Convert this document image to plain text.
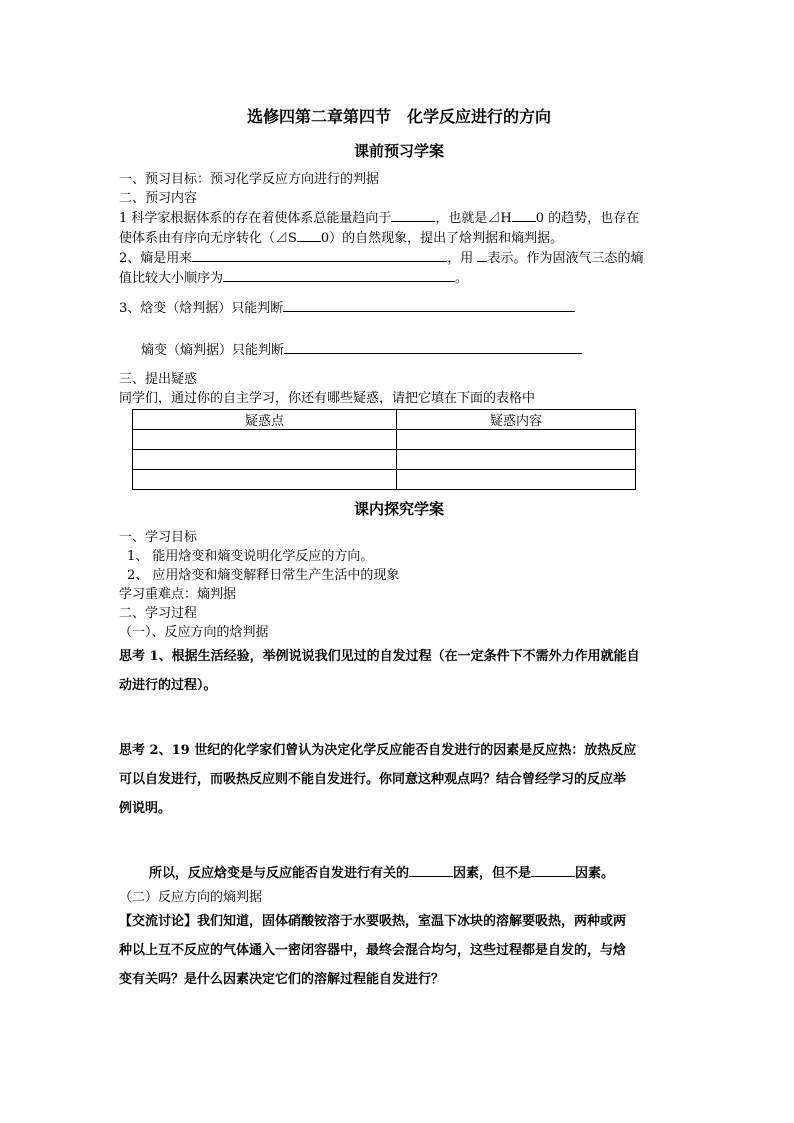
选修四第二章第四节　化学反应进行的方向
课前预习学案
一、预习目标：预习化学反应方向进行的判据
二、预习内容
1 科学家根据体系的存在着使体系总能量趋向于	，也就是⊿H 0 的趋势，也存在
使体系由有序向无序转化（⊿S 0）的自然现象，提出了焓判据和熵判据。
2、熵是用来	，用 表示。作为固液气三态的熵
值比较大小顺序为	。
3、焓变（焓判据）只能判断
熵变（熵判据）只能判断
三、提出疑惑
同学们，通过你的自主学习，你还有哪些疑惑，请把它填在下面的表格中
疑惑点	疑惑内容

课内探究学案
一、学习目标
1、 能用焓变和熵变说明化学反应的方向。
2、 应用焓变和熵变解释日常生产生活中的现象
学习重难点：熵判据
二、学习过程
（一）、反应方向的焓判据
思考 1、根据生活经验，举例说说我们见过的自发过程（在一定条件下不需外力作用就能自
动进行的过程）。
思考 2、19 世纪的化学家们曾认为决定化学反应能否自发进行的因素是反应热：放热反应
可以自发进行，而吸热反应则不能自发进行。你同意这种观点吗？结合曾经学习的反应举
例说明。
所以，反应焓变是与反应能否自发进行有关的	因素，但不是	因素。
（二）反应方向的熵判据
【交流讨论】我们知道，固体硝酸铵溶于水要吸热，室温下冰块的溶解要吸热，两种或两
种以上互不反应的气体通入一密闭容器中，最终会混合均匀，这些过程都是自发的，与焓
变有关吗？是什么因素决定它们的溶解过程能自发进行？
